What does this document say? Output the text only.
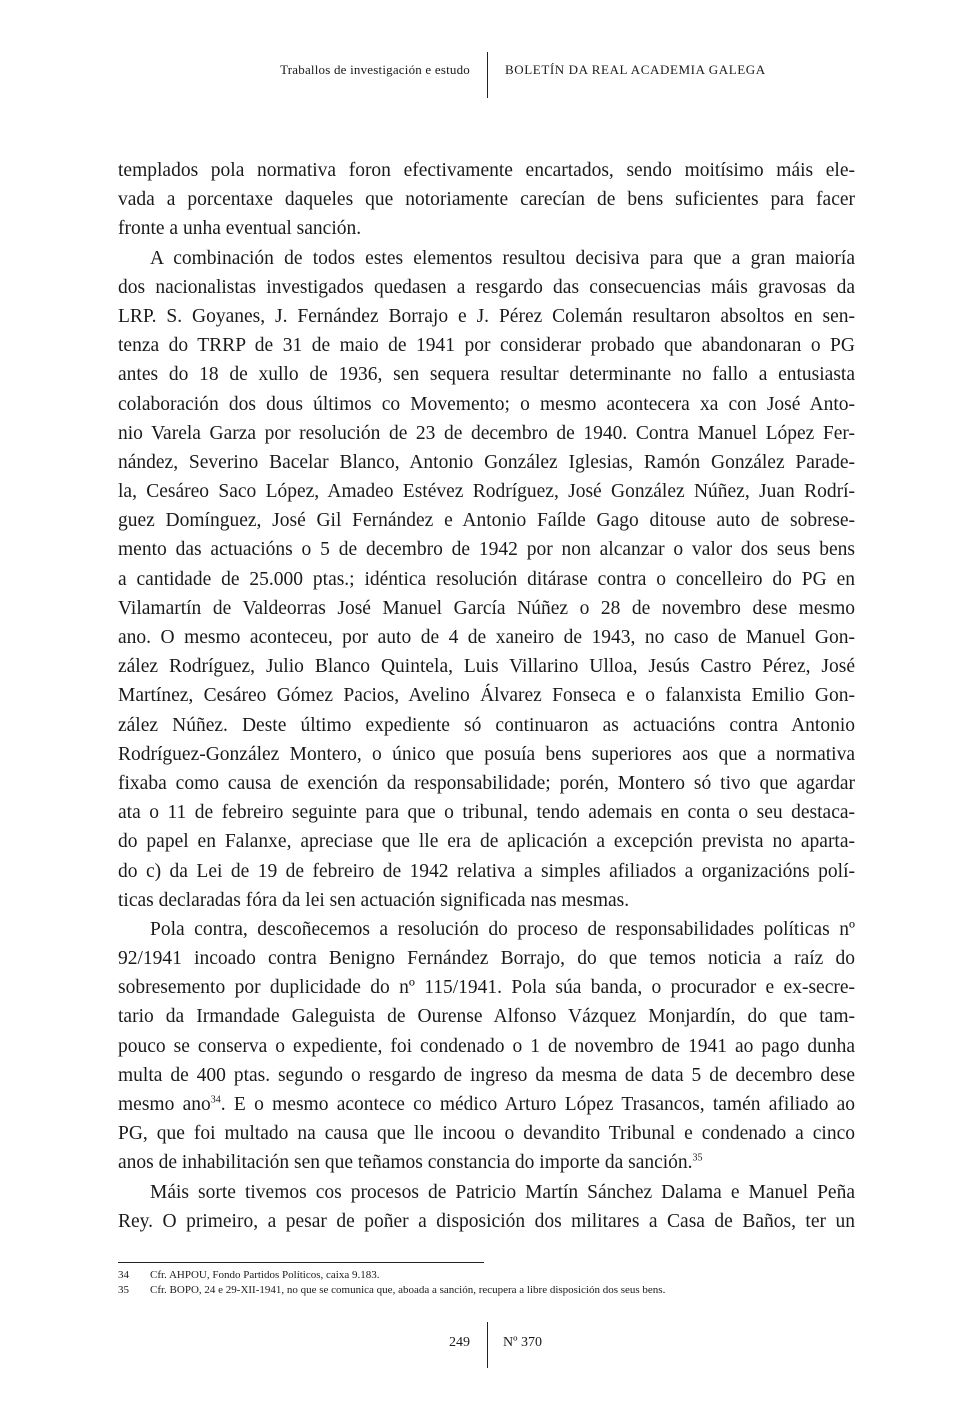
Traballos de investigación e estudo	BOLETÍN DA REAL ACADEMIA GALEGA
templados pola normativa foron efectivamente encartados, sendo moitísimo máis ele-
vada a porcentaxe daqueles que notoriamente carecían de bens suficientes para facer
fronte a unha eventual sanción.
A combinación de todos estes elementos resultou decisiva para que a gran maioría
dos nacionalistas investigados quedasen a resgardo das consecuencias máis gravosas da
LRP. S. Goyanes, J. Fernández Borrajo e J. Pérez Colemán resultaron absoltos en sen-
tenza do TRRP de 31 de maio de 1941 por considerar probado que abandonaran o PG
antes do 18 de xullo de 1936, sen sequera resultar determinante no fallo a entusiasta
colaboración dos dous últimos co Movemento; o mesmo acontecera xa con José Anto-
nio Varela Garza por resolución de 23 de decembro de 1940. Contra Manuel López Fer-
nández, Severino Bacelar Blanco, Antonio González Iglesias, Ramón González Parade-
la, Cesáreo Saco López, Amadeo Estévez Rodríguez, José González Núñez, Juan Rodrí-
guez Domínguez, José Gil Fernández e Antonio Faílde Gago ditouse auto de sobrese-
mento das actuacións o 5 de decembro de 1942 por non alcanzar o valor dos seus bens
a cantidade de 25.000 ptas.; idéntica resolución ditárase contra o concelleiro do PG en
Vilamartín de Valdeorras José Manuel García Núñez o 28 de novembro dese mesmo
ano. O mesmo aconteceu, por auto de 4 de xaneiro de 1943, no caso de Manuel Gon-
zález Rodríguez, Julio Blanco Quintela, Luis Villarino Ulloa, Jesús Castro Pérez, José
Martínez, Cesáreo Gómez Pacios, Avelino Álvarez Fonseca e o falanxista Emilio Gon-
zález Núñez. Deste último expediente só continuaron as actuacións contra Antonio
Rodríguez-González Montero, o único que posuía bens superiores aos que a normativa
fixaba como causa de exención da responsabilidade; porén, Montero só tivo que agardar
ata o 11 de febreiro seguinte para que o tribunal, tendo ademais en conta o seu destaca-
do papel en Falanxe, apreciase que lle era de aplicación a excepción prevista no aparta-
do c) da Lei de 19 de febreiro de 1942 relativa a simples afiliados a organizacións polí-
ticas declaradas fóra da lei sen actuación significada nas mesmas.
Pola contra, descoñecemos a resolución do proceso de responsabilidades políticas nº
92/1941 incoado contra Benigno Fernández Borrajo, do que temos noticia a raíz do
sobresemento por duplicidade do nº 115/1941. Pola súa banda, o procurador e ex-secre-
tario da Irmandade Galeguista de Ourense Alfonso Vázquez Monjardín, do que tam-
pouco se conserva o expediente, foi condenado o 1 de novembro de 1941 ao pago dunha
multa de 400 ptas. segundo o resgardo de ingreso da mesma de data 5 de decembro dese
mesmo ano$^{34}$. E o mesmo acontece co médico Arturo López Trasancos, tamén afiliado ao
PG, que foi multado na causa que lle incoou o devandito Tribunal e condenado a cinco
anos de inhabilitación sen que teñamos constancia do importe da sanción.$^{35}$
Máis sorte tivemos cos procesos de Patricio Martín Sánchez Dalama e Manuel Peña
Rey. O primeiro, a pesar de poñer a disposición dos militares a Casa de Baños, ter un
34 Cfr. AHPOU, Fondo Partidos Políticos, caixa 9.183.
35 Cfr. BOPO, 24 e 29-XII-1941, no que se comunica que, aboada a sanción, recupera a libre disposición dos seus bens.
249 Nº 370
